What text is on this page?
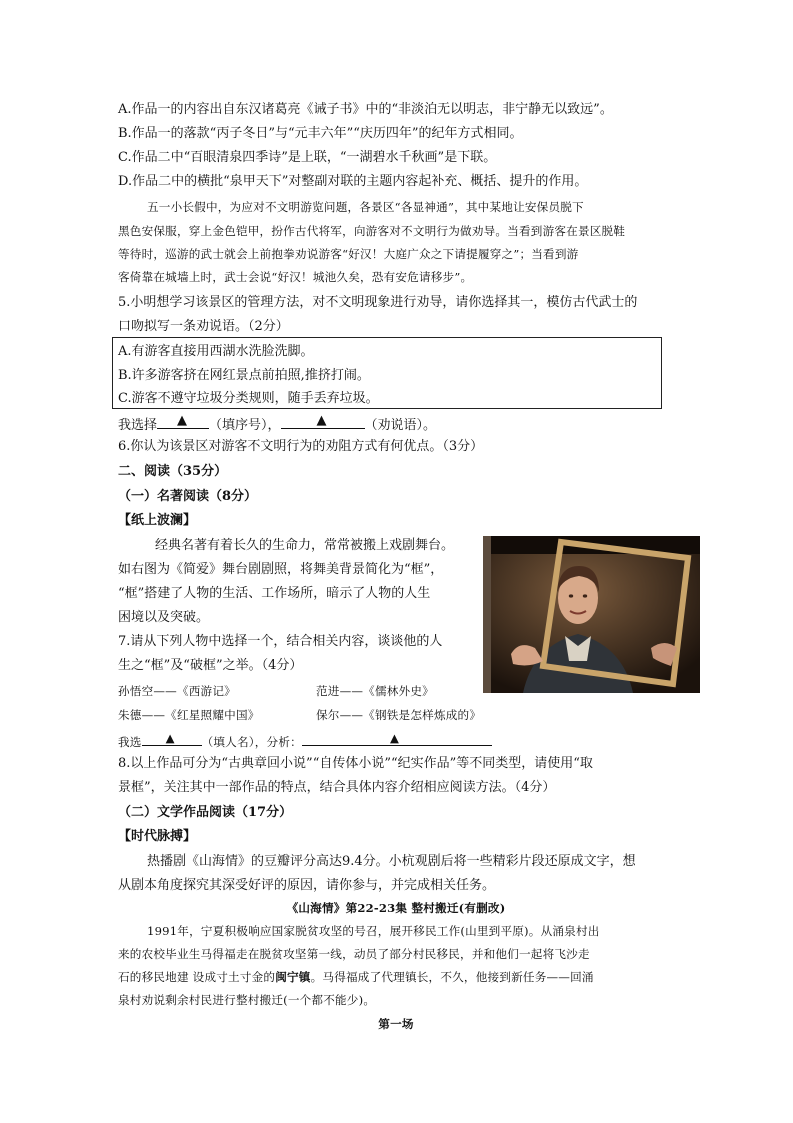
A.作品一的内容出自东汉诸葛亮《诫子书》中的“非淡泊无以明志，非宁静无以致远”。
B.作品一的落款“丙子冬日”与“元丰六年”“庆历四年”的纪年方式相同。
C.作品二中“百眼清泉四季诗”是上联，“一湖碧水千秋画”是下联。
D.作品二中的横批“泉甲天下”对整副对联的主题内容起补充、概括、提升的作用。
五一小长假中，为应对不文明游览问题，各景区“各显神通”，其中某地让安保员脱下
黑色安保服，穿上金色铠甲，扮作古代将军，向游客对不文明行为做劝导。当看到游客在景区脱鞋
等待时，巡游的武士就会上前抱拳劝说游客“好汉！大庭广众之下请提履穿之”；当看到游
客倚靠在城墙上时，武士会说“好汉！城池久矣，恐有安危请移步”。
5.小明想学习该景区的管理方法，对不文明现象进行劝导，请你选择其一，模仿古代武士的
口吻拟写一条劝说语。（2分）
A.有游客直接用西湖水洗脸洗脚。
B.许多游客挤在网红景点前拍照,推挤打闹。
C.游客不遵守垃圾分类规则，随手丢弃垃圾。
我选择 ▲ （填序号），	▲	（劝说语）。
6.你认为该景区对游客不文明行为的劝阻方式有何优点。（3分）
二、阅读（35分）
（一）名著阅读（8分）
【纸上波澜】
经典名著有着长久的生命力，常常被搬上戏剧舞台。
如右图为《简爱》舞台剧剧照，将舞美背景简化为“框”，
“框”搭建了人物的生活、工作场所，暗示了人物的人生
困境以及突破。
7.请从下列人物中选择一个，结合相关内容，谈谈他的人
生之“框”及“破框”之举。（4分）
孙悟空——《西游记》	范进——《儒林外史》
朱德——《红星照耀中国》	保尔——《钢铁是怎样炼成的》
我选 ▲ （填人名），分析：	▲
8.以上作品可分为“古典章回小说”“自传体小说”“纪实作品”等不同类型，请使用“取
景框”，关注其中一部作品的特点，结合具体内容介绍相应阅读方法。（4分）
（二）文学作品阅读（17分）
【时代脉搏】
热播剧《山海情》的豆瓣评分高达9.4分。小杭观剧后将一些精彩片段还原成文字，想
从剧本角度探究其深受好评的原因，请你参与，并完成相关任务。
《山海情》第22-23集 整村搬迁(有删改)
1991年，宁夏积极响应国家脱贫攻坚的号召，展开移民工作(山里到平原)。从涌泉村出
来的农校毕业生马得福走在脱贫攻坚第一线，动员了部分村民移民，并和他们一起将飞沙走
石的移民地建 设成寸土寸金的闽宁镇。马得福成了代理镇长，不久，他接到新任务——回涌
泉村劝说剩余村民进行整村搬迁(一个都不能少)。
第一场
